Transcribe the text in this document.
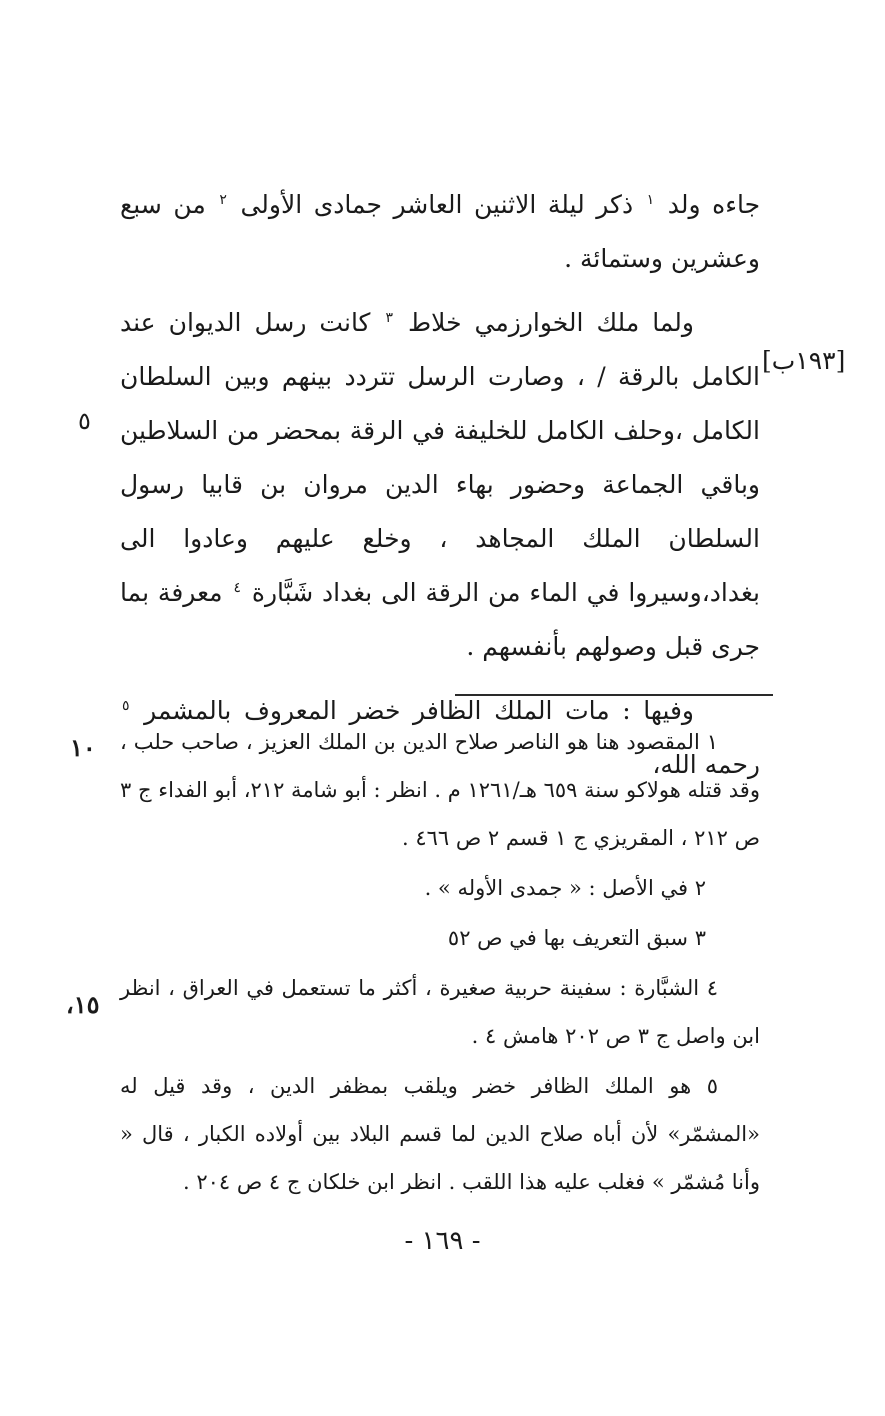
جاءه ولد $^١$ ذكر ليلة الاثنين العاشر جمادى الأولى $^٢$ من سبع وعشرين وستمائة .

ولما ملك الخوارزمي خلاط $^٣$ كانت رسل الديوان عند الكامل بالرقة / ، وصارت الرسل تتردد بينهم وبين السلطان الكامل ،وحلف الكامل للخليفة في الرقة بمحضر من السلاطين وباقي الجماعة وحضور بهاء الدين مروان بن قابيا رسول السلطان الملك المجاهد ، وخلع عليهم وعادوا الى بغداد،وسيروا في الماء من الرقة الى بغداد شَبَّارة $^٤$ معرفة بما جرى قبل وصولهم بأنفسهم .

وفيها : مات الملك الظافر خضر المعروف بالمشمر $^٥$ رحمه الله،

[١٩٣ب]
٥

١ المقصود هنا هو الناصر صلاح الدين بن الملك العزيز ، صاحب حلب ، وقد قتله هولاكو سنة ٦٥٩ هـ/١٢٦١ م . انظر : أبو شامة ٢١٢، أبو الفداء ج ٣ ص ٢١٢ ، المقريزي ج ١ قسم ٢ ص ٤٦٦ .

٢ في الأصل : « جمدى الأوله » .

٣ سبق التعريف بها في ص ٥٢

٤ الشبَّارة : سفينة حربية صغيرة ، أكثر ما تستعمل في العراق ، انظر ابن واصل ج ٣ ص ٢٠٢ هامش ٤ .

٥ هو الملك الظافر خضر ويلقب بمظفر الدين ، وقد قيل له «المشمّر» لأن أباه صلاح الدين لما قسم البلاد بين أولاده الكبار ، قال « وأنا مُشمّر » فغلب عليه هذا اللقب . انظر ابن خلكان ج ٤ ص ٢٠٤ .

١٠
١٥،
- ١٦٩ -
